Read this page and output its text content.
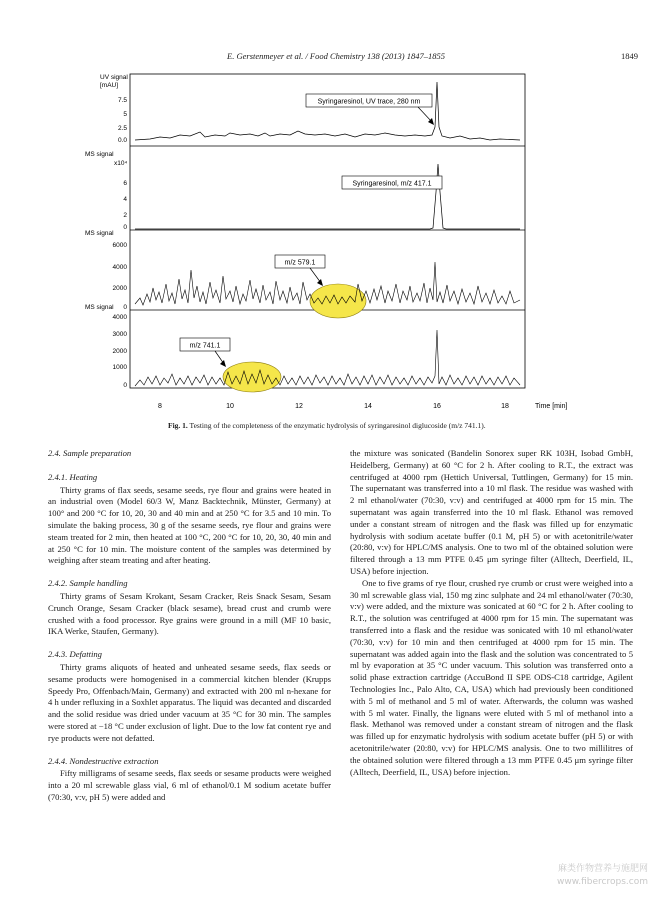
E. Gerstenmeyer et al. / Food Chemistry 138 (2013) 1847–1855	1849
UV signal
[mAU]
MS signal
x10⁴
MS signal
MS signal
7.5
5
2.5
0.0
6
4
2
0
6000
4000
2000
0
4000
3000
2000
1000
0
Syringaresinol, UV trace, 280 nm
Syringaresinol, m/z 417.1
m/z 579.1
m/z 741.1
8	10	12	14	16	18	Time [min]
Fig. 1. Testing of the completeness of the enzymatic hydrolysis of syringaresinol diglucoside (m/z 741.1).
2.4. Sample preparation
2.4.1. Heating

Thirty grams of flax seeds, sesame seeds, rye flour and grains were heated in an industrial oven (Model 60/3 W, Manz Backtechnik, Münster, Germany) at 100° and 200 °C for 10, 20, 30 and 40 min and at 250 °C for 3.5 and 10 min. To simulate the baking process, 30 g of the sesame seeds, rye flour and grains were steam treated for 2 min, then heated at 100 °C, 200 °C for 10, 20, 30, 40 min and at 250 °C for 10 min. The moisture content of the samples was determined by weighing after steam treating and after heating.

2.4.2. Sample handling

Thirty grams of Sesam Krokant, Sesam Cracker, Reis Snack Sesam, Sesam Crunch Orange, Sesam Cracker (black sesame), bread crust and crumb were crushed with a food processor. Rye grains were ground in a mill (MF 10 basic, IKA Werke, Staufen, Germany).

2.4.3. Defatting

Thirty grams aliquots of heated and unheated sesame seeds, flax seeds or sesame products were homogenised in a commercial kitchen blender (Krupps Speedy Pro, Offenbach/Main, Germany) and extracted with 200 ml n-hexane for 4 h under refluxing in a Soxhlet apparatus. The liquid was decanted and discarded and the solid residue was dried under vacuum at 35 °C for 30 min. The samples were stored at −18 °C under exclusion of light. Due to the low fat content rye and rye products were not defatted.

2.4.4. Nondestructive extraction

Fifty milligrams of sesame seeds, flax seeds or sesame products were weighed into a 20 ml screwable glass vial, 6 ml of ethanol/0.1 M sodium acetate buffer (70:30, v:v, pH 5) were added and

the mixture was sonicated (Bandelin Sonorex super RK 103H, Isobad GmbH, Heidelberg, Germany) at 60 °C for 2 h. After cooling to R.T., the extract was centrifuged at 4000 rpm (Hettich Universal, Tuttlingen, Germany) for 15 min. The supernatant was transferred into a 10 ml flask. The residue was washed with 2 ml ethanol/water (70:30, v:v) and centrifuged at 4000 rpm for 15 min. The supernatant was again transferred into the 10 ml flask. Ethanol was removed under a constant stream of nitrogen and the flask was filled up for enzymatic hydrolysis with sodium acetate buffer (0.1 M, pH 5) or with acetonitrile/water (20:80, v:v) for HPLC/MS analysis. One to two ml of the obtained solution were filtered through a 13 mm PTFE 0.45 μm syringe filter (Alltech, Deerfield, IL, USA) before injection.

One to five grams of rye flour, crushed rye crumb or crust were weighed into a 30 ml screwable glass vial, 150 mg zinc sulphate and 24 ml ethanol/water (70:30, v:v) were added, and the mixture was sonicated at 60 °C for 2 h. After cooling to R.T., the solution was centrifuged at 4000 rpm for 15 min. The supernatant was transferred into a flask and the residue was sonicated with 10 ml ethanol/water (70:30, v:v) for 10 min and then centrifuged at 4000 rpm for 15 min. The supernatant was added again into the flask and the solution was concentrated to 5 ml by evaporation at 35 °C under vacuum. This solution was transferred onto a solid phase extraction cartridge (AccuBond II SPE ODS-C18 cartridge, Agilent Technologies Inc., Palo Alto, CA, USA) which had previously been conditioned with 5 ml of methanol and 5 ml of water. Afterwards, the column was washed with 5 ml water. Finally, the lignans were eluted with 5 ml of methanol into a flask. Methanol was removed under a constant stream of nitrogen and the flask was filled up for enzymatic hydrolysis with sodium acetate buffer (pH 5) or with acetonitrile/water (20:80, v:v) for HPLC/MS analysis. One to two millilitres of the obtained solution were filtered through a 13 mm PTFE 0.45 μm syringe filter (Alltech, Deerfield, IL, USA) before injection.

麻类作物营养与施肥网
www.fibercrops.com
